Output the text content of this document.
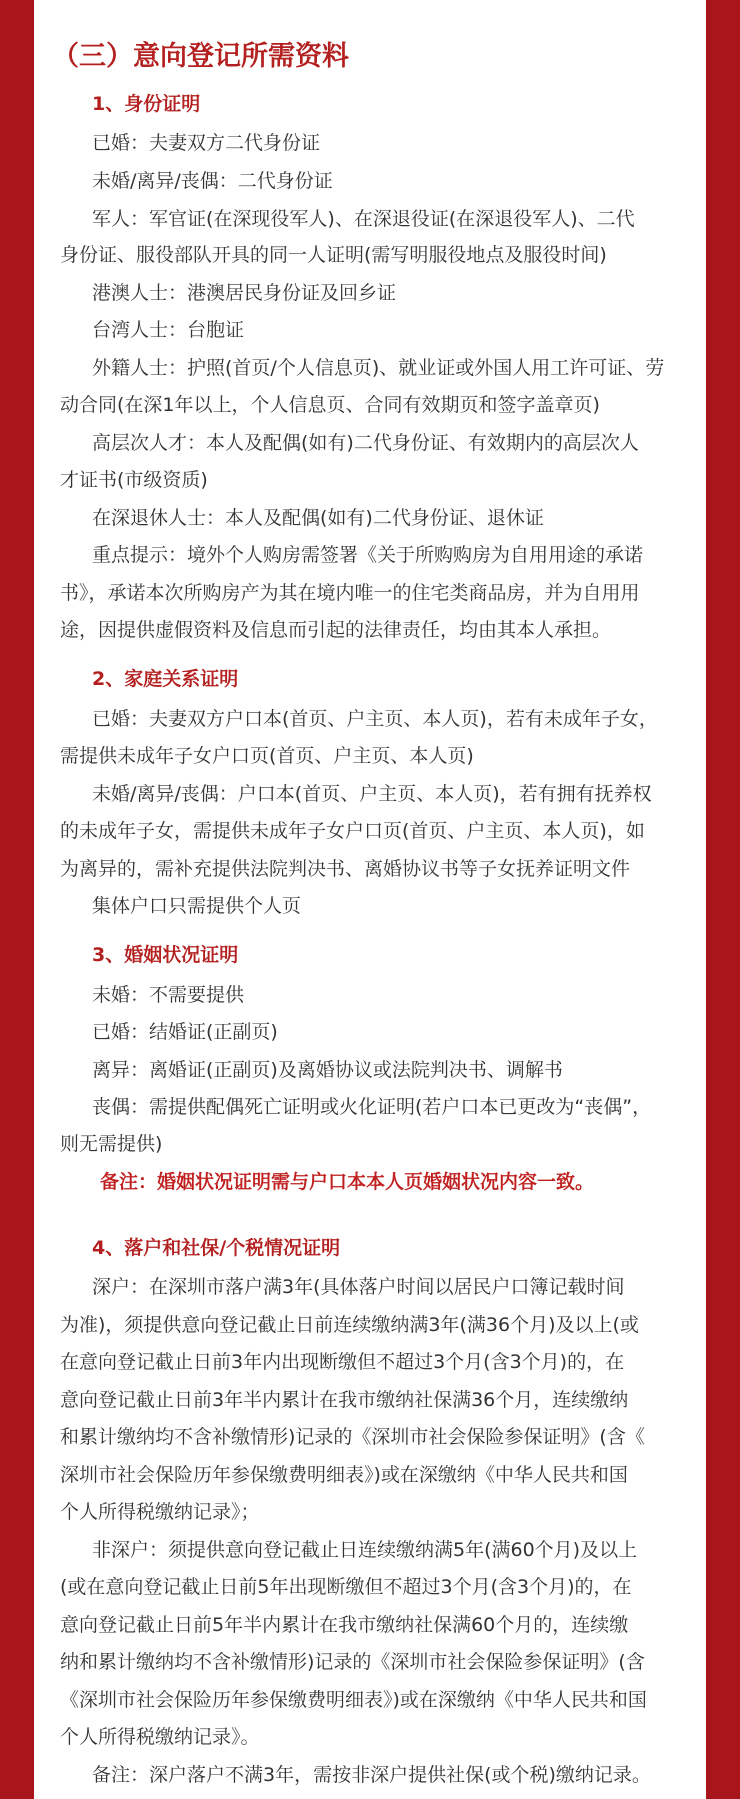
（三）意向登记所需资料
1、身份证明
已婚：夫妻双方二代身份证
未婚/离异/丧偶：二代身份证
军人：军官证(在深现役军人)、在深退役证(在深退役军人)、二代
身份证、服役部队开具的同一人证明(需写明服役地点及服役时间)
港澳人士：港澳居民身份证及回乡证
台湾人士：台胞证
外籍人士：护照(首页/个人信息页)、就业证或外国人用工许可证、劳
动合同(在深1年以上，个人信息页、合同有效期页和签字盖章页)
高层次人才：本人及配偶(如有)二代身份证、有效期内的高层次人
才证书(市级资质)
在深退休人士：本人及配偶(如有)二代身份证、退休证
重点提示：境外个人购房需签署《关于所购购房为自用用途的承诺
书》，承诺本次所购房产为其在境内唯一的住宅类商品房，并为自用用
途，因提供虚假资料及信息而引起的法律责任，均由其本人承担。
2、家庭关系证明
已婚：夫妻双方户口本(首页、户主页、本人页)，若有未成年子女，
需提供未成年子女户口页(首页、户主页、本人页)
未婚/离异/丧偶：户口本(首页、户主页、本人页)，若有拥有抚养权
的未成年子女，需提供未成年子女户口页(首页、户主页、本人页)，如
为离异的，需补充提供法院判决书、离婚协议书等子女抚养证明文件
集体户口只需提供个人页
3、婚姻状况证明
未婚：不需要提供
已婚：结婚证(正副页)
离异：离婚证(正副页)及离婚协议或法院判决书、调解书
丧偶：需提供配偶死亡证明或火化证明(若户口本已更改为“丧偶”，
则无需提供)
备注：婚姻状况证明需与户口本本人页婚姻状况内容一致。
4、落户和社保/个税情况证明
深户：在深圳市落户满3年(具体落户时间以居民户口簿记载时间
为准)，须提供意向登记截止日前连续缴纳满3年(满36个月)及以上(或
在意向登记截止日前3年内出现断缴但不超过3个月(含3个月)的，在
意向登记截止日前3年半内累计在我市缴纳社保满36个月，连续缴纳
和累计缴纳均不含补缴情形)记录的《深圳市社会保险参保证明》(含《
深圳市社会保险历年参保缴费明细表》)或在深缴纳《中华人民共和国
个人所得税缴纳记录》；
非深户：须提供意向登记截止日连续缴纳满5年(满60个月)及以上
(或在意向登记截止日前5年出现断缴但不超过3个月(含3个月)的，在
意向登记截止日前5年半内累计在我市缴纳社保满60个月的，连续缴
纳和累计缴纳均不含补缴情形)记录的《深圳市社会保险参保证明》(含
《深圳市社会保险历年参保缴费明细表》)或在深缴纳《中华人民共和国
个人所得税缴纳记录》。
备注：深户落户不满3年，需按非深户提供社保(或个税)缴纳记录。
